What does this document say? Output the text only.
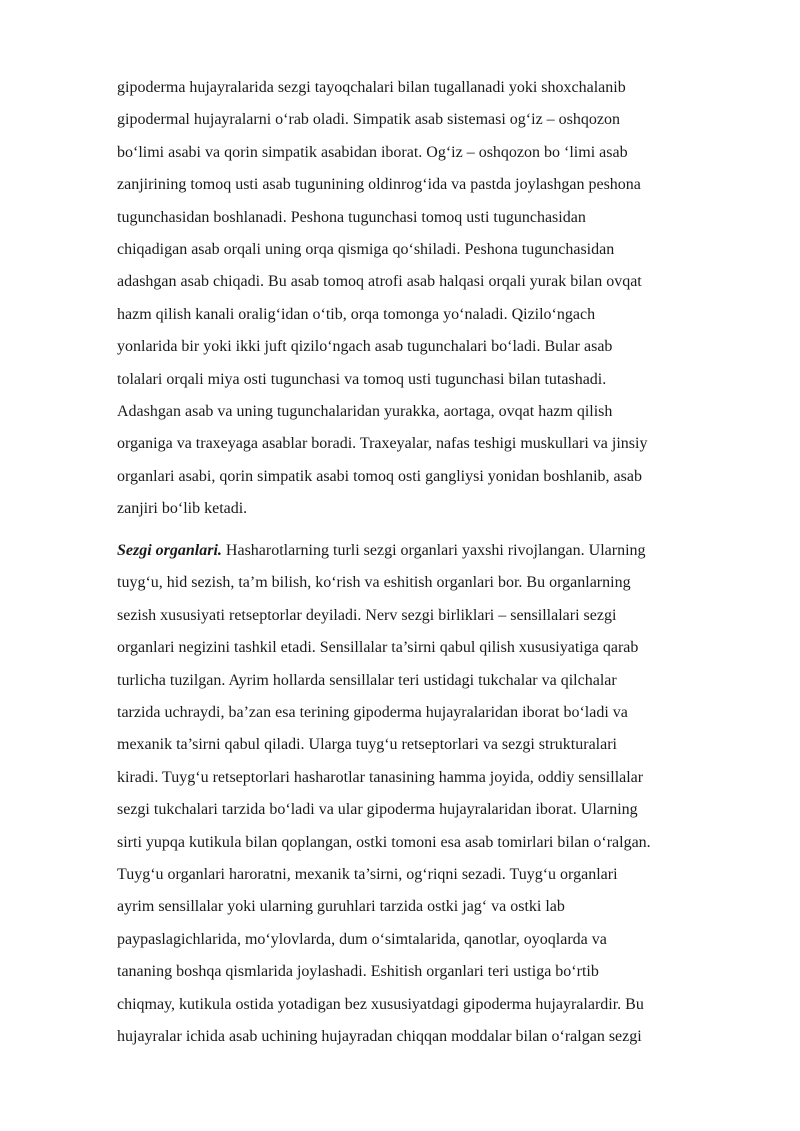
gipoderma hujayralarida sezgi tayoqchalari bilan tugallanadi yoki shoxchalanib
gipodermal hujayralarni o‘rab oladi. Simpatik asab sistemasi og‘iz – oshqozon
bo‘limi asabi va qorin simpatik asabidan iborat. Og‘iz – oshqozon bo ‘limi asab
zanjirining tomoq usti asab tugunining oldinrog‘ida va pastda joylashgan peshona
tugunchasidan boshlanadi. Peshona tugunchasi tomoq usti tugunchasidan
chiqadigan asab orqali uning orqa qismiga qo‘shiladi. Peshona tugunchasidan
adashgan asab chiqadi. Bu asab tomoq atrofi asab halqasi orqali yurak bilan ovqat
hazm qilish kanali oralig‘idan o‘tib, orqa tomonga yo‘naladi. Qizilo‘ngach
yonlarida bir yoki ikki juft qizilo‘ngach asab tugunchalari bo‘ladi. Bular asab
tolalari orqali miya osti tugunchasi va tomoq usti tugunchasi bilan tutashadi.
Adashgan asab va uning tugunchalaridan yurakka, aortaga, ovqat hazm qilish
organiga va traxeyaga asablar boradi. Traxeyalar, nafas teshigi muskullari va jinsiy
organlari asabi, qorin simpatik asabi tomoq osti gangliysi yonidan boshlanib, asab
zanjiri bo‘lib ketadi.

Sezgi organlari. Hasharotlarning turli sezgi organlari yaxshi rivojlangan. Ularning
tuyg‘u, hid sezish, ta’m bilish, ko‘rish va eshitish organlari bor. Bu organlarning
sezish xususiyati retseptorlar deyiladi. Nerv sezgi birliklari – sensillalari sezgi
organlari negizini tashkil etadi. Sensillalar ta’sirni qabul qilish xususiyatiga qarab
turlicha tuzilgan. Ayrim hollarda sensillalar teri ustidagi tukchalar va qilchalar
tarzida uchraydi, ba’zan esa terining gipoderma hujayralaridan iborat bo‘ladi va
mexanik ta’sirni qabul qiladi. Ularga tuyg‘u retseptorlari va sezgi strukturalari
kiradi. Tuyg‘u retseptorlari hasharotlar tanasining hamma joyida, oddiy sensillalar
sezgi tukchalari tarzida bo‘ladi va ular gipoderma hujayralaridan iborat. Ularning
sirti yupqa kutikula bilan qoplangan, ostki tomoni esa asab tomirlari bilan o‘ralgan.
Tuyg‘u organlari haroratni, mexanik ta’sirni, og‘riqni sezadi. Tuyg‘u organlari
ayrim sensillalar yoki ularning guruhlari tarzida ostki jag‘ va ostki lab
paypaslagichlarida, mo‘ylovlarda, dum o‘simtalarida, qanotlar, oyoqlarda va
tananing boshqa qismlarida joylashadi. Eshitish organlari teri ustiga bo‘rtib
chiqmay, kutikula ostida yotadigan bez xususiyatdagi gipoderma hujayralardir. Bu
hujayralar ichida asab uchining hujayradan chiqqan moddalar bilan o‘ralgan sezgi
